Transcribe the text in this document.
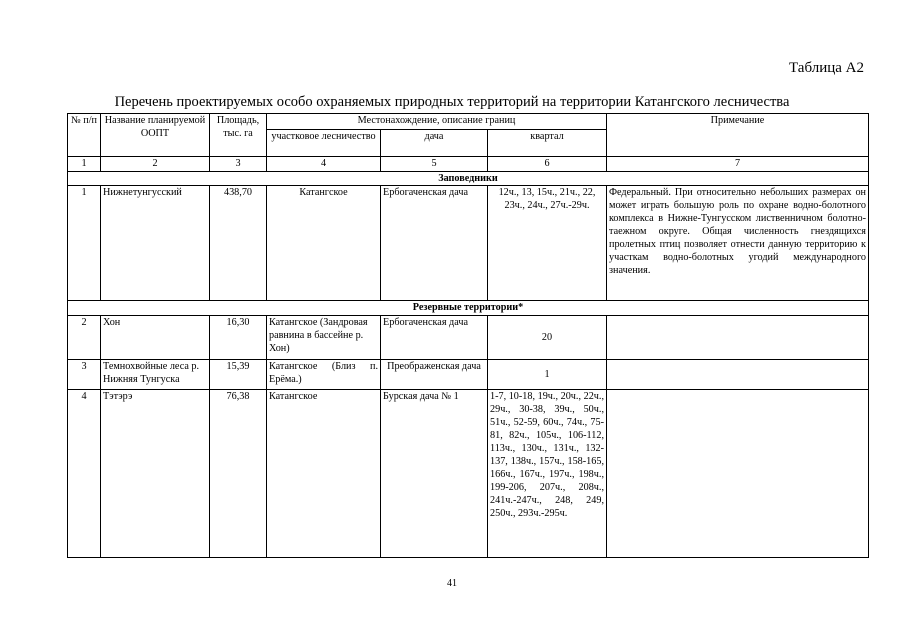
Таблица А2
Перечень проектируемых особо охраняемых природных территорий на территории Катангского лесничества
№ п/п	Название планируемой ООПТ	Площадь, тыс. га	Местонахождение, описание границ			Примечание
			участковое лесничество	дача	квартал	
1	2	3	4	5	6	7
Заповедники						
1	Нижнетунгусский	438,70	Катангское	Ербогаченская дача	12ч., 13, 15ч., 21ч., 22, 23ч., 24ч., 27ч.-29ч.	Федеральный. При относительно небольших размерах он может играть большую роль по охране водно-болотного комплекса в Нижне-Тунгусском лиственничном болотно-таежном округе. Общая численность гнездящихся пролетных птиц позволяет отнести данную территорию к участкам водно-болотных угодий международного значения.
Резервные территории*						
2	Хон	16,30	Катангское (Зандровая равнина в бассейне р. Хон)	Ербогаченская дача	20	
3	Темнохвойные леса р. Нижняя Тунгуска	15,39	Катангское (Близ п. Ерёма.)	Преображенская дача	1	
4	Тэтэрэ	76,38	Катангское	Бурская дача № 1	1-7, 10-18, 19ч., 20ч., 22ч., 29ч., 30-38, 39ч., 50ч., 51ч., 52-59, 60ч., 74ч., 75-81, 82ч., 105ч., 106-112, 113ч., 130ч., 131ч., 132-137, 138ч., 157ч., 158-165, 166ч., 167ч., 197ч., 198ч., 199-206, 207ч., 208ч., 241ч.-247ч., 248, 249, 250ч., 293ч.-295ч.	
41
